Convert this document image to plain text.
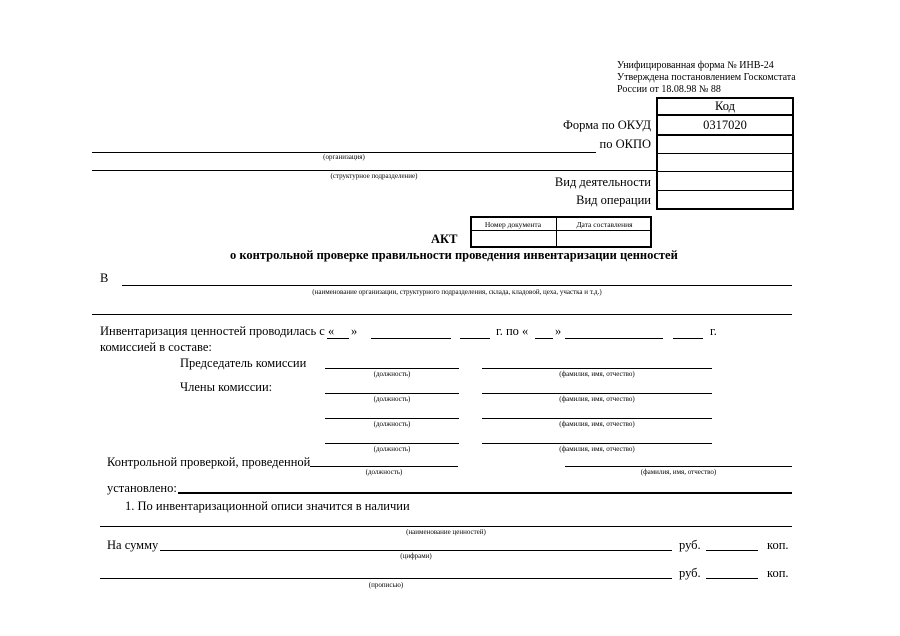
Унифицированная форма № ИНВ-24
Утверждена постановлением Госкомстата
России от 18.08.98 № 88
Код
0317020
Форма по ОКУД
по ОКПО
Вид деятельности
Вид операции
(организация)
(структурное подразделение)
Номер документа	Дата составления
АКТ
о контрольной проверке правильности проведения инвентаризации ценностей
В
(наименование организации, структурного подразделения, склада, кладовой, цеха, участка и т.д.)
Инвентаризация ценностей проводилась с « »	г. по « »	г.
комиссией в составе:
Председатель комиссии
Члены комиссии:
(должность)	(фамилия, имя, отчество)
(должность)	(фамилия, имя, отчество)
(должность)	(фамилия, имя, отчество)
(должность)	(фамилия, имя, отчество)
Контрольной проверкой, проведенной
(должность)	(фамилия, имя, отчество)
установлено:
1. По инвентаризационной описи значится в наличии
(наименование ценностей)
На сумму	руб.	коп.
(цифрами)
руб.	коп.
(прописью)
